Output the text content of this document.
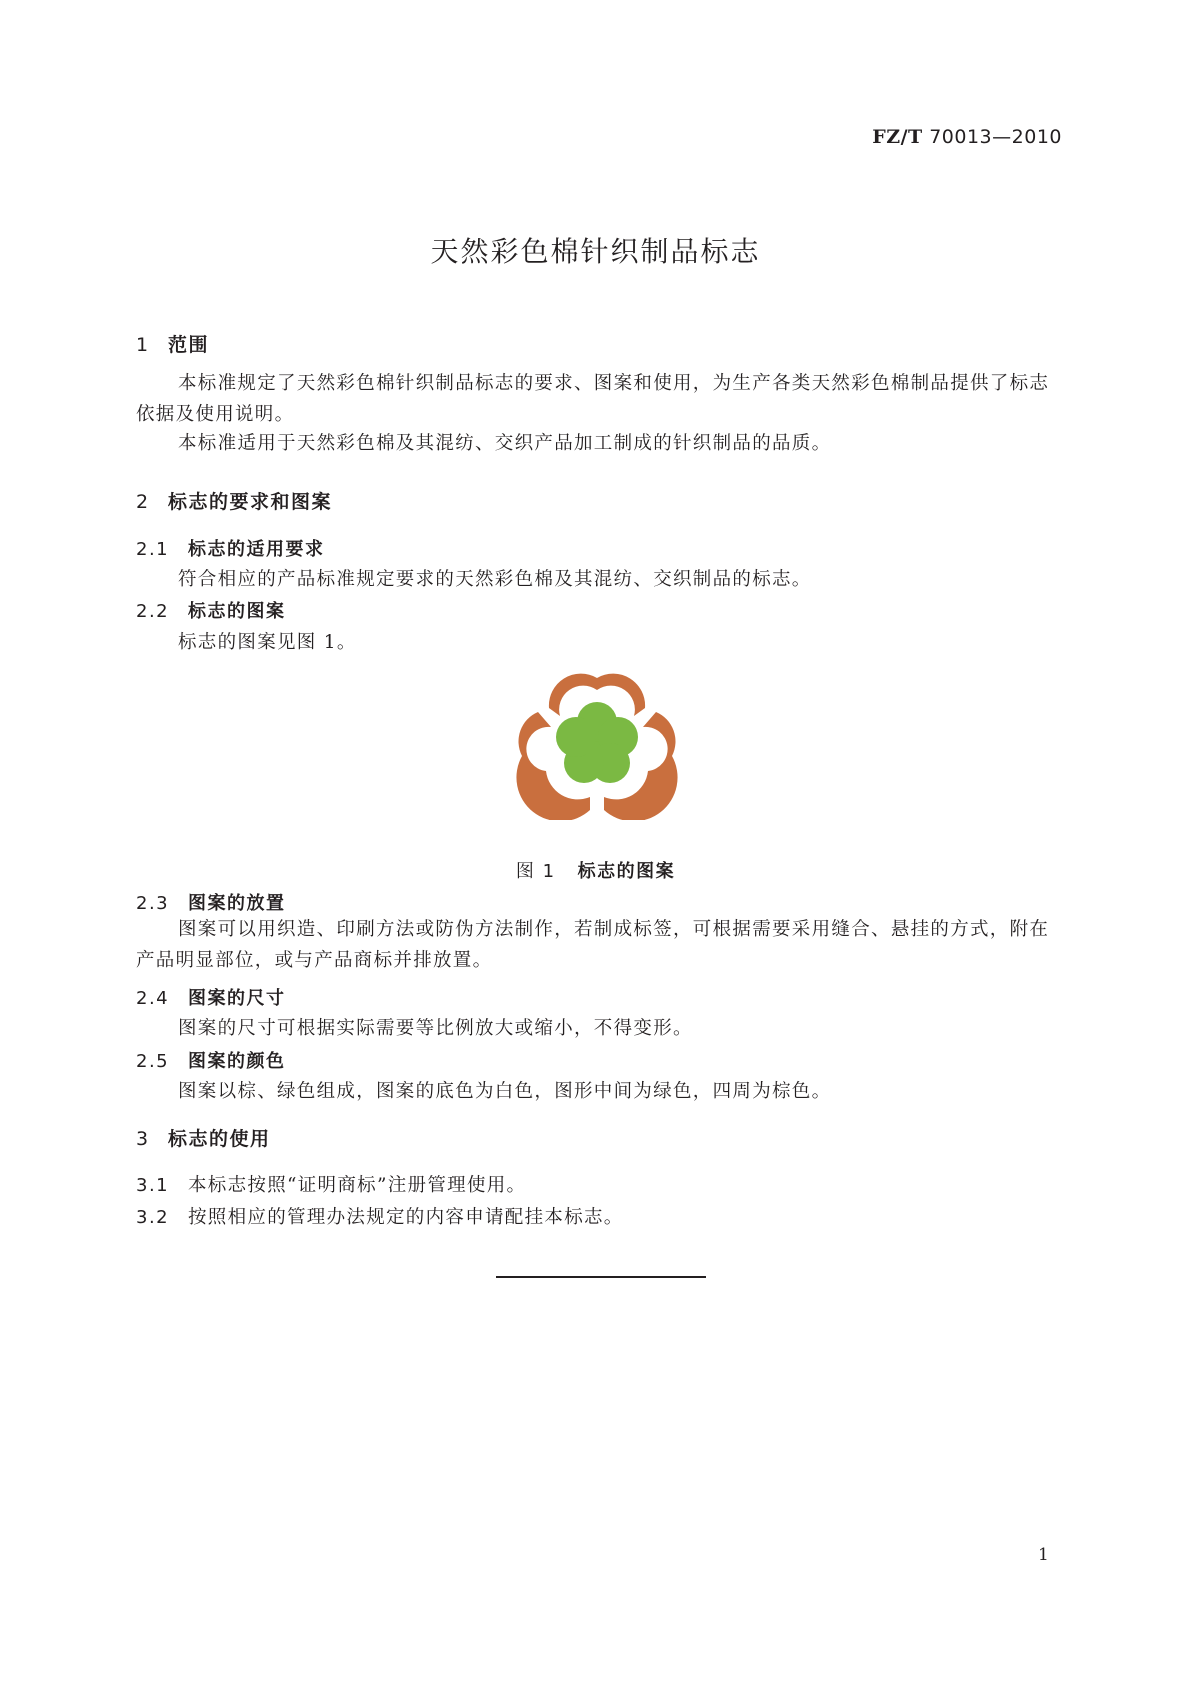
FZ/T 70013—2010
天然彩色棉针织制品标志
1 范围
本标准规定了天然彩色棉针织制品标志的要求、图案和使用，为生产各类天然彩色棉制品提供了标志依据及使用说明。
本标准适用于天然彩色棉及其混纺、交织产品加工制成的针织制品的品质。
2 标志的要求和图案
2.1 标志的适用要求
符合相应的产品标准规定要求的天然彩色棉及其混纺、交织制品的标志。
2.2 标志的图案
标志的图案见图 1。
图 1 标志的图案
2.3 图案的放置
图案可以用织造、印刷方法或防伪方法制作，若制成标签，可根据需要采用缝合、悬挂的方式，附在产品明显部位，或与产品商标并排放置。
2.4 图案的尺寸
图案的尺寸可根据实际需要等比例放大或缩小，不得变形。
2.5 图案的颜色
图案以棕、绿色组成，图案的底色为白色，图形中间为绿色，四周为棕色。
3 标志的使用
3.1 本标志按照“证明商标”注册管理使用。
3.2 按照相应的管理办法规定的内容申请配挂本标志。
1
